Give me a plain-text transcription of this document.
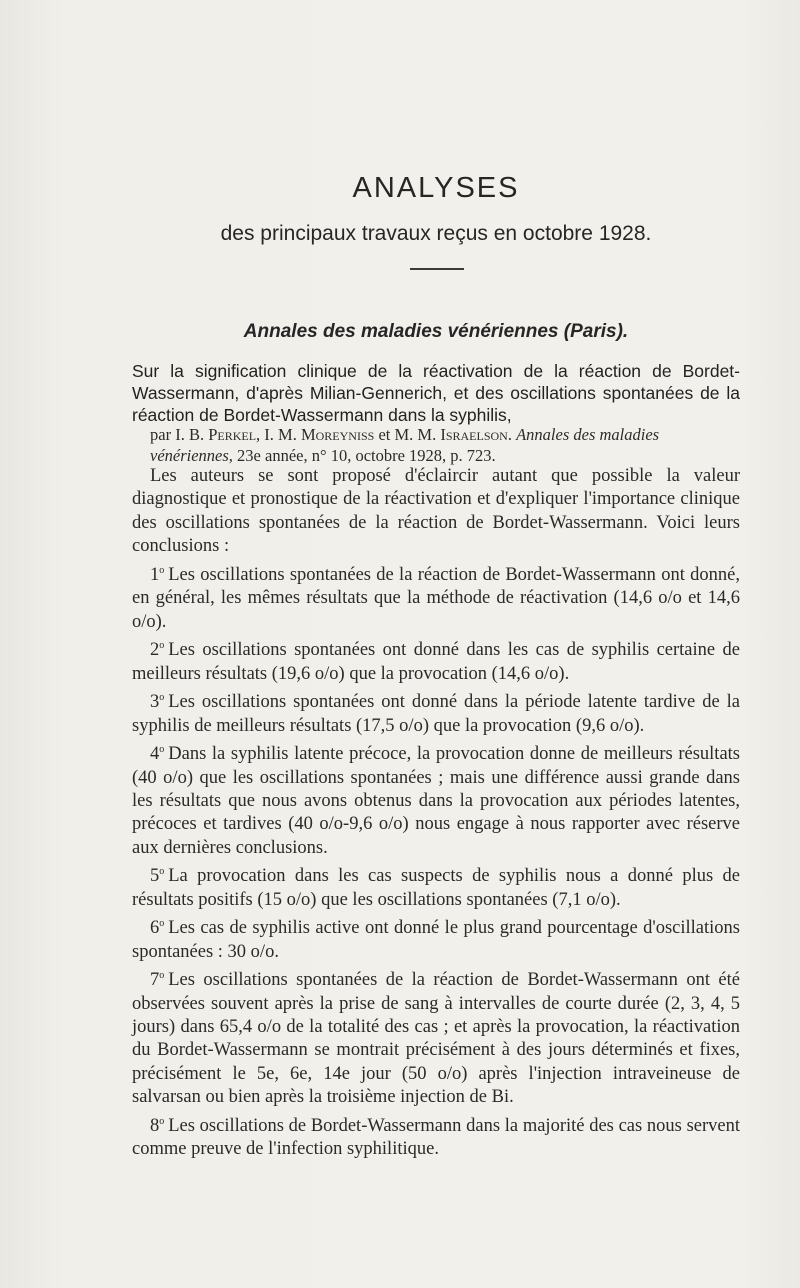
ANALYSES
des principaux travaux reçus en octobre 1928.
Annales des maladies vénériennes (Paris).
Sur la signification clinique de la réactivation de la réaction de Bordet-Wassermann, d'après Milian-Gennerich, et des oscillations spontanées de la réaction de Bordet-Wassermann dans la syphilis,
par I. B. Perkel, I. M. Moreyniss et M. M. Israelson. Annales des maladies vénériennes, 23e année, n° 10, octobre 1928, p. 723.

Les auteurs se sont proposé d'éclaircir autant que possible la valeur diagnostique et pronostique de la réactivation et d'expliquer l'importance clinique des oscillations spontanées de la réaction de Bordet-Wassermann. Voici leurs conclusions :

1$^o$ Les oscillations spontanées de la réaction de Bordet-Wassermann ont donné, en général, les mêmes résultats que la méthode de réactivation (14,6 o/o et 14,6 o/o).

2$^o$ Les oscillations spontanées ont donné dans les cas de syphilis certaine de meilleurs résultats (19,6 o/o) que la provocation (14,6 o/o).

3$^o$ Les oscillations spontanées ont donné dans la période latente tardive de la syphilis de meilleurs résultats (17,5 o/o) que la provocation (9,6 o/o).

4$^o$ Dans la syphilis latente précoce, la provocation donne de meilleurs résultats (40 o/o) que les oscillations spontanées ; mais une différence aussi grande dans les résultats que nous avons obtenus dans la provocation aux périodes latentes, précoces et tardives (40 o/o-9,6 o/o) nous engage à nous rapporter avec réserve aux dernières conclusions.

5$^o$ La provocation dans les cas suspects de syphilis nous a donné plus de résultats positifs (15 o/o) que les oscillations spontanées (7,1 o/o).

6$^o$ Les cas de syphilis active ont donné le plus grand pourcentage d'oscillations spontanées : 30 o/o.

7$^o$ Les oscillations spontanées de la réaction de Bordet-Wassermann ont été observées souvent après la prise de sang à intervalles de courte durée (2, 3, 4, 5 jours) dans 65,4 o/o de la totalité des cas ; et après la provocation, la réactivation du Bordet-Wassermann se montrait précisément à des jours déterminés et fixes, précisément le 5e, 6e, 14e jour (50 o/o) après l'injection intraveineuse de salvarsan ou bien après la troisième injection de Bi.

8$^o$ Les oscillations de Bordet-Wassermann dans la majorité des cas nous servent comme preuve de l'infection syphilitique.
